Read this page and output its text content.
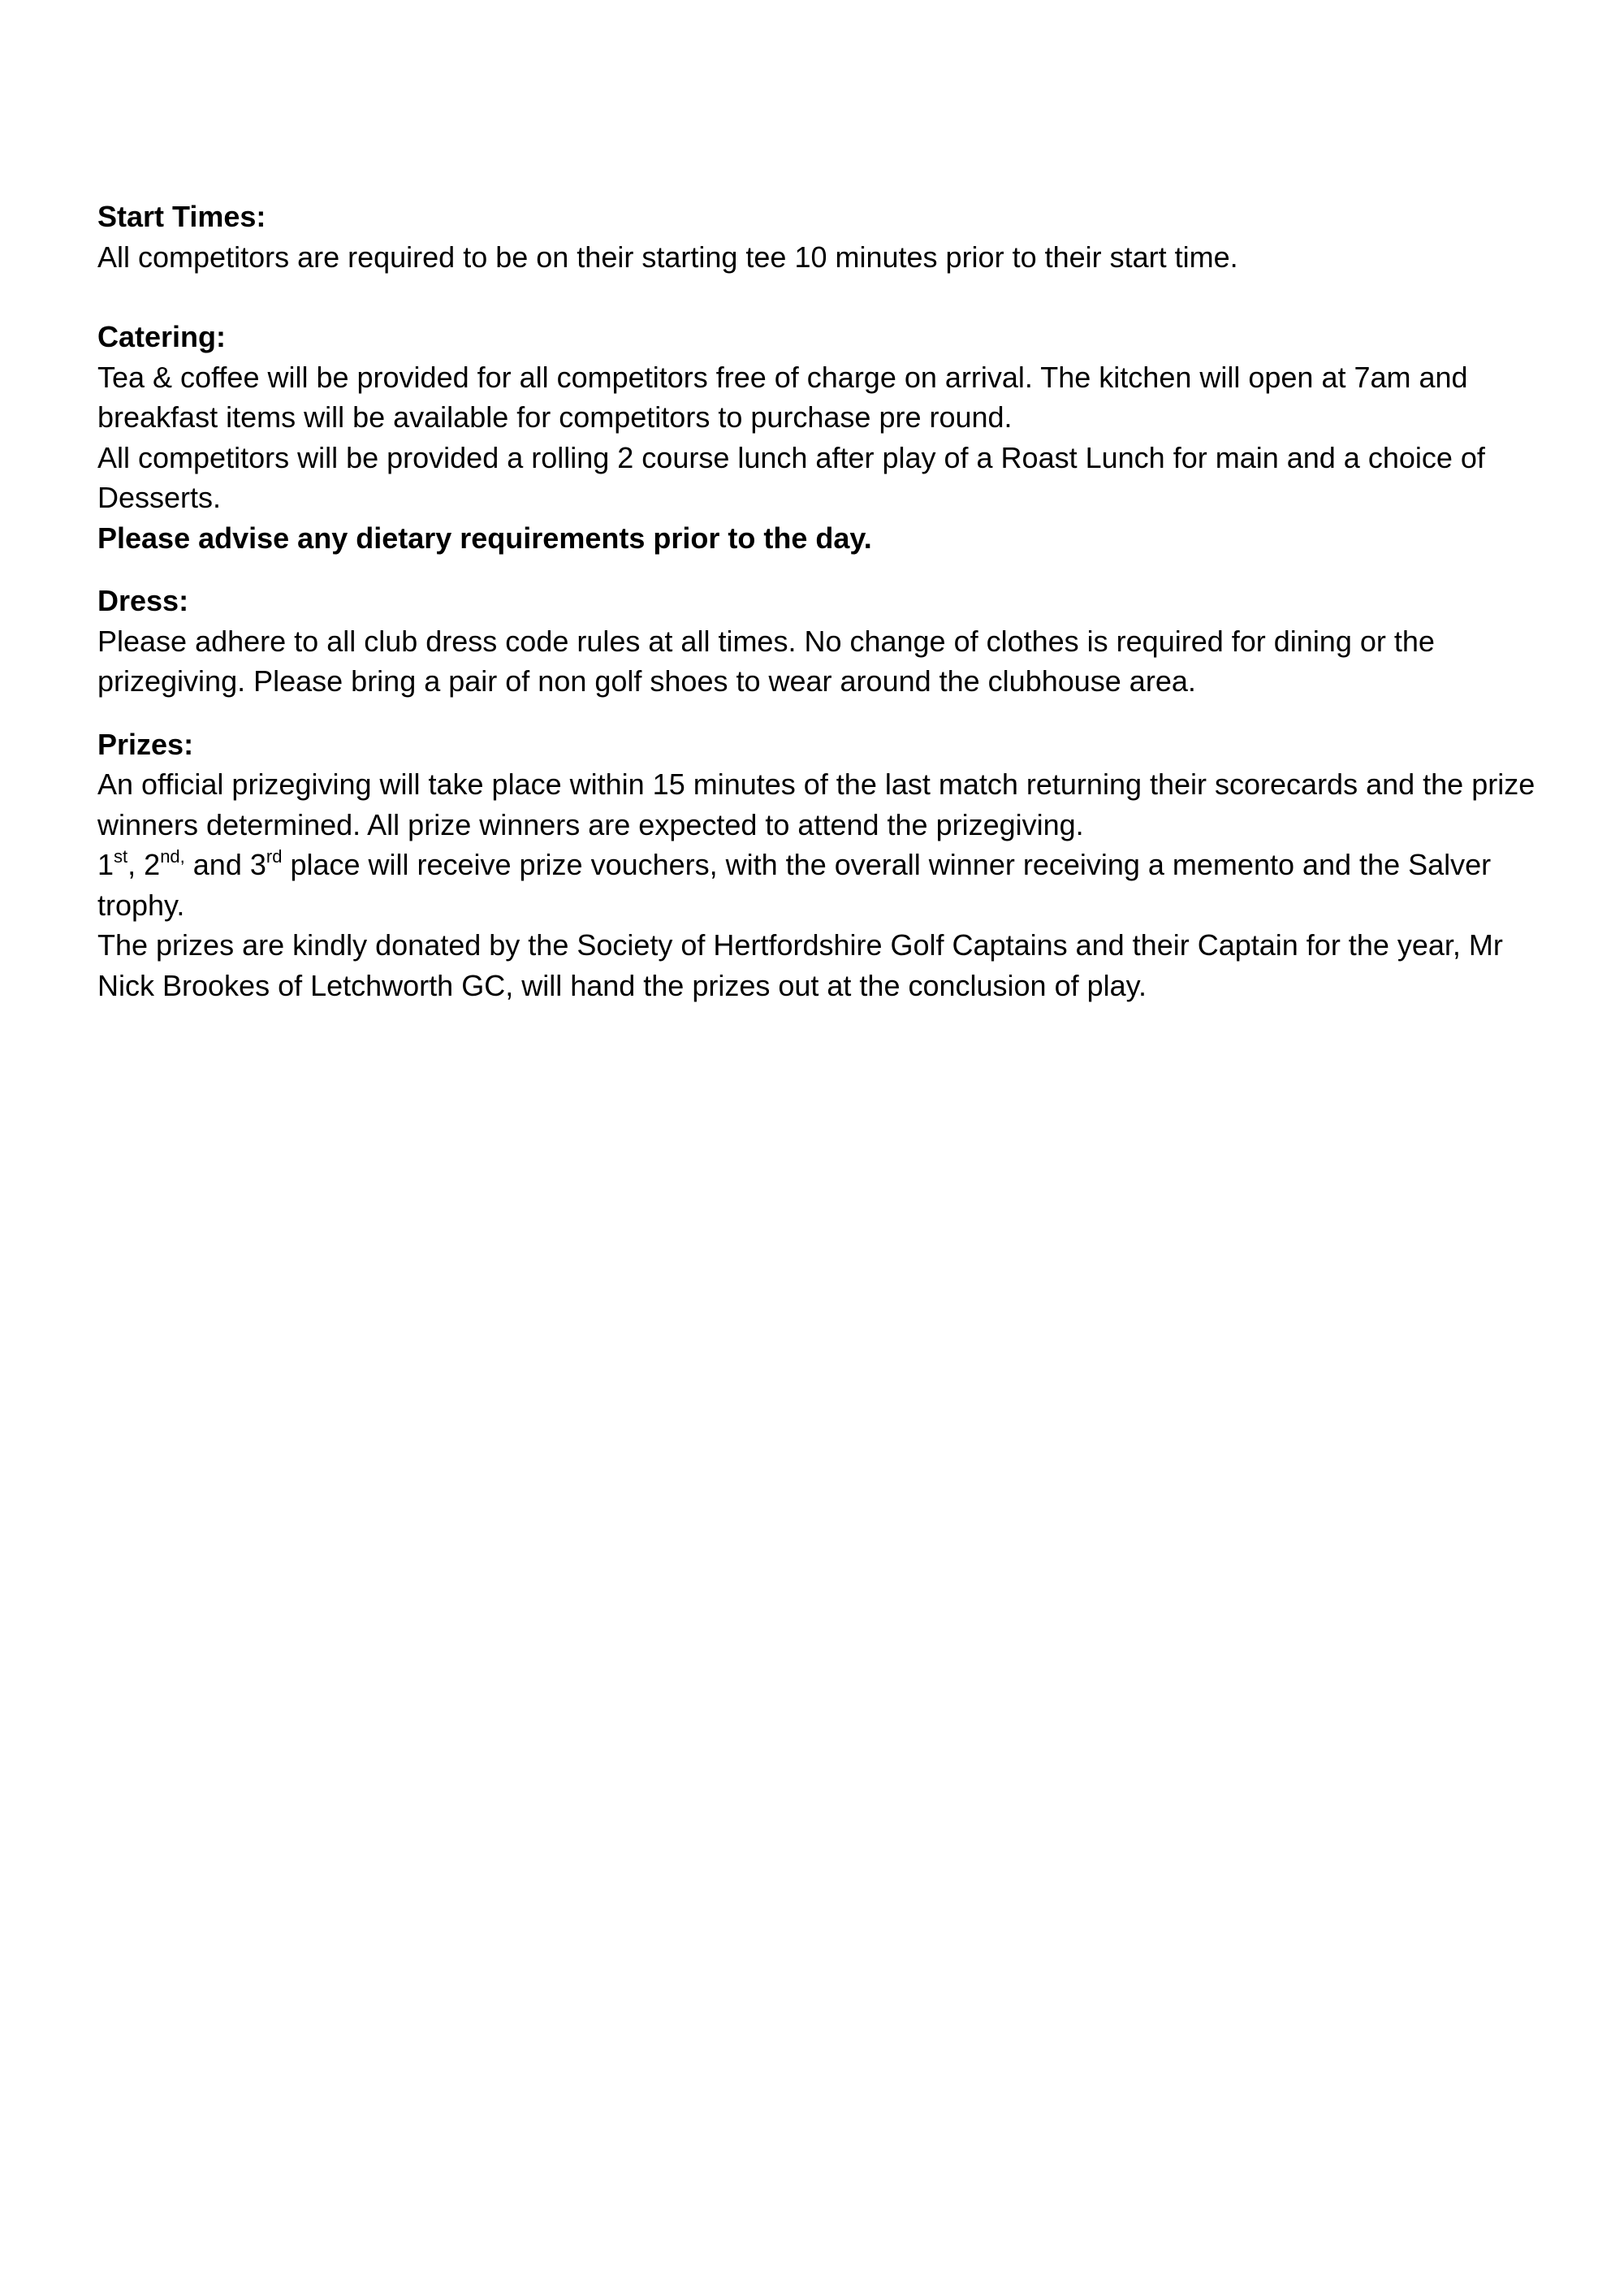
Start Times:
All competitors are required to be on their starting tee 10 minutes prior to their start time.
Catering:
Tea & coffee will be provided for all competitors free of charge on arrival. The kitchen will open at 7am and breakfast items will be available for competitors to purchase pre round.
All competitors will be provided a rolling 2 course lunch after play of a Roast Lunch for main and a choice of Desserts.
Please advise any dietary requirements prior to the day.
Dress:
Please adhere to all club dress code rules at all times. No change of clothes is required for dining or the prizegiving. Please bring a pair of non golf shoes to wear around the clubhouse area.
Prizes:
An official prizegiving will take place within 15 minutes of the last match returning their scorecards and the prize winners determined. All prize winners are expected to attend the prizegiving.
1st, $2^{nd,}$ and 3rd place will receive prize vouchers, with the overall winner receiving a memento and the Salver trophy.
The prizes are kindly donated by the Society of Hertfordshire Golf Captains and their Captain for the year, Mr Nick Brookes of Letchworth GC, will hand the prizes out at the conclusion of play.
